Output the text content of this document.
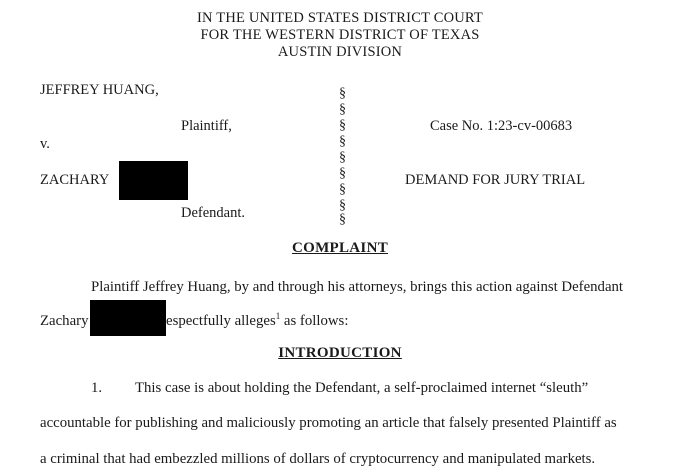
IN THE UNITED STATES DISTRICT COURT
FOR THE WESTERN DISTRICT OF TEXAS
AUSTIN DIVISION
JEFFREY HUANG,
Plaintiff,
v.
ZACHARY
Defendant.
§
§
§
§
§
§
§
§
§
Case No. 1:23-cv-00683
DEMAND FOR JURY TRIAL
COMPLAINT
Plaintiff Jeffrey Huang, by and through his attorneys, brings this action against Defendant
Zachary	espectfully alleges$^1$ as follows:
INTRODUCTION
1. This case is about holding the Defendant, a self-proclaimed internet “sleuth”
accountable for publishing and maliciously promoting an article that falsely presented Plaintiff as
a criminal that had embezzled millions of dollars of cryptocurrency and manipulated markets.
